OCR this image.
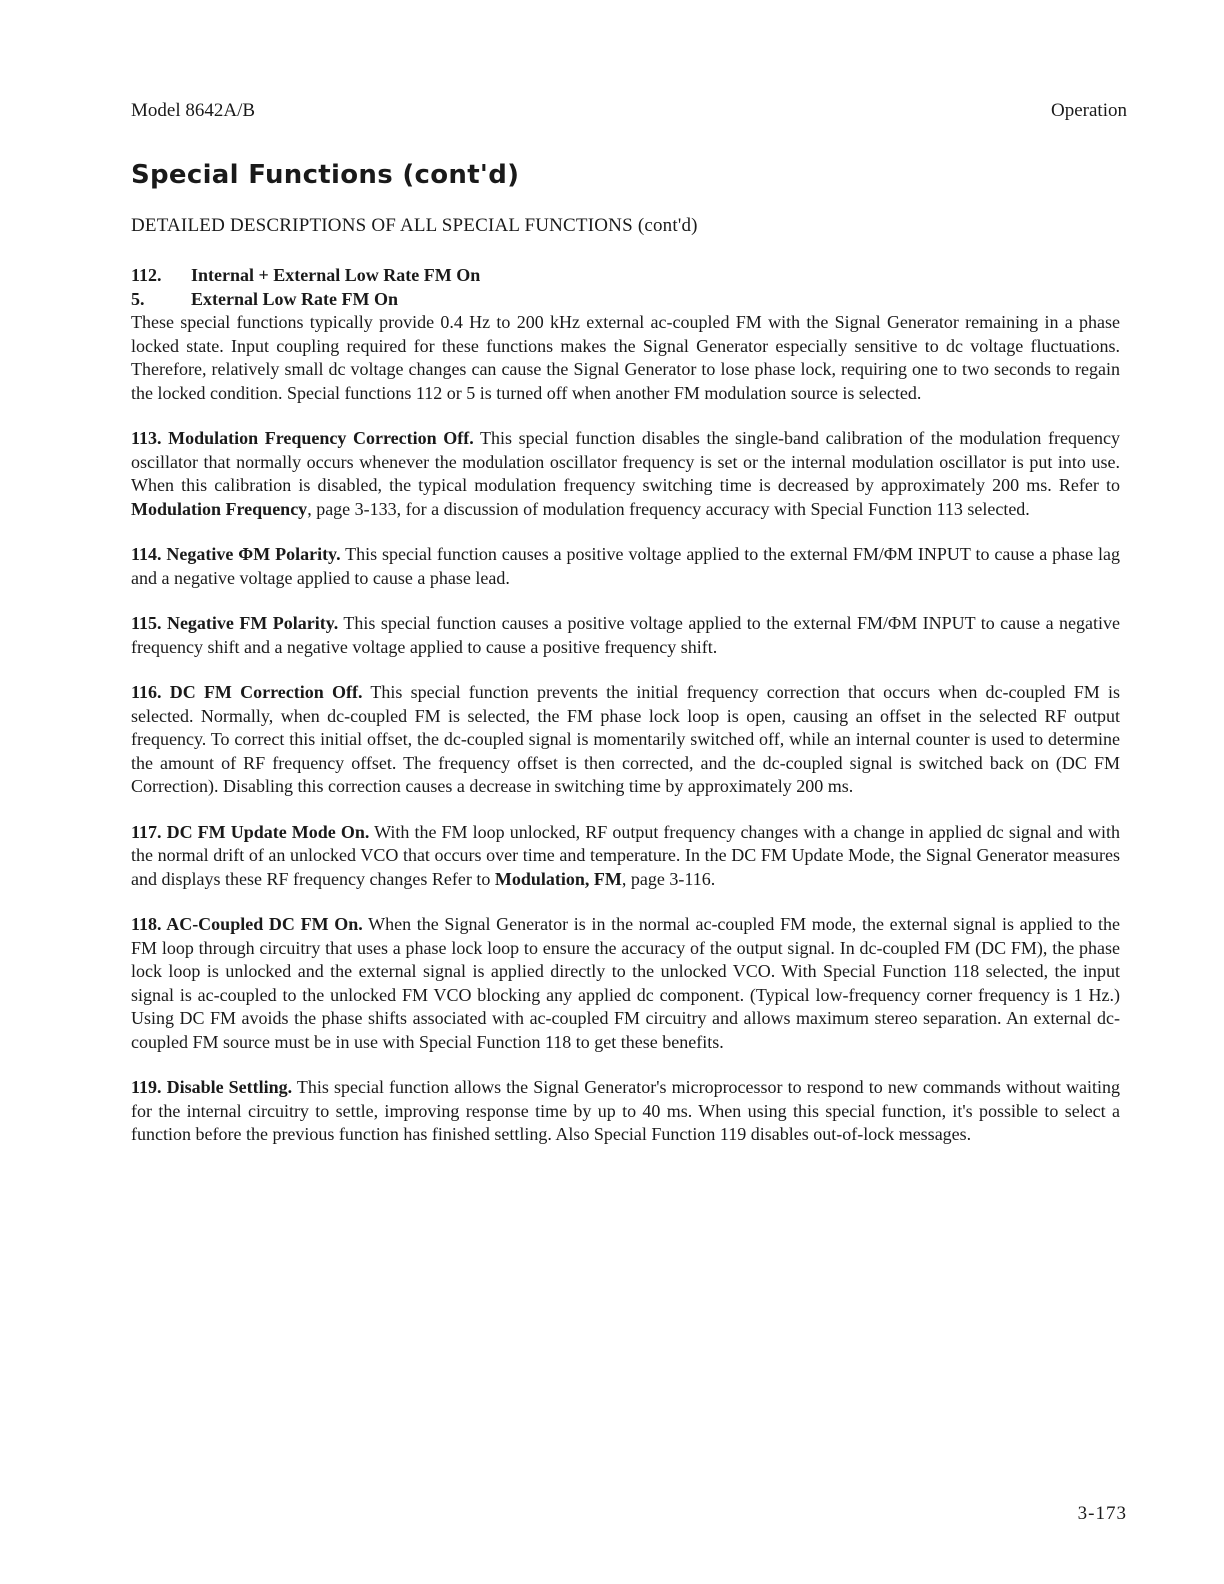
Model 8642A/B	Operation
Special Functions (cont'd)
DETAILED DESCRIPTIONS OF ALL SPECIAL FUNCTIONS (cont'd)
112.	Internal + External Low Rate FM On
5.	External Low Rate FM On
These special functions typically provide 0.4 Hz to 200 kHz external ac-coupled FM with the Signal Generator remaining in a phase locked state. Input coupling required for these functions makes the Signal Generator especially sensitive to dc voltage fluctuations. Therefore, relatively small dc voltage changes can cause the Signal Generator to lose phase lock, requiring one to two seconds to regain the locked condition. Special functions 112 or 5 is turned off when another FM modulation source is selected.

113. Modulation Frequency Correction Off. This special function disables the single-band calibration of the modulation frequency oscillator that normally occurs whenever the modulation oscillator frequency is set or the internal modulation oscillator is put into use. When this calibration is disabled, the typical modulation frequency switching time is decreased by approximately 200 ms. Refer to Modulation Frequency, page 3-133, for a discussion of modulation frequency accuracy with Special Function 113 selected.

114. Negative ΦM Polarity. This special function causes a positive voltage applied to the external FM/ΦM INPUT to cause a phase lag and a negative voltage applied to cause a phase lead.

115. Negative FM Polarity. This special function causes a positive voltage applied to the external FM/ΦM INPUT to cause a negative frequency shift and a negative voltage applied to cause a positive frequency shift.

116. DC FM Correction Off. This special function prevents the initial frequency correction that occurs when dc-coupled FM is selected. Normally, when dc-coupled FM is selected, the FM phase lock loop is open, causing an offset in the selected RF output frequency. To correct this initial offset, the dc-coupled signal is momentarily switched off, while an internal counter is used to determine the amount of RF frequency offset. The frequency offset is then corrected, and the dc-coupled signal is switched back on (DC FM Correction). Disabling this correction causes a decrease in switching time by approximately 200 ms.

117. DC FM Update Mode On. With the FM loop unlocked, RF output frequency changes with a change in applied dc signal and with the normal drift of an unlocked VCO that occurs over time and temperature. In the DC FM Update Mode, the Signal Generator measures and displays these RF frequency changes Refer to Modulation, FM, page 3-116.

118. AC-Coupled DC FM On. When the Signal Generator is in the normal ac-coupled FM mode, the external signal is applied to the FM loop through circuitry that uses a phase lock loop to ensure the accuracy of the output signal. In dc-coupled FM (DC FM), the phase lock loop is unlocked and the external signal is applied directly to the unlocked VCO. With Special Function 118 selected, the input signal is ac-coupled to the unlocked FM VCO blocking any applied dc component. (Typical low-frequency corner frequency is 1 Hz.) Using DC FM avoids the phase shifts associated with ac-coupled FM circuitry and allows maximum stereo separation. An external dc-coupled FM source must be in use with Special Function 118 to get these benefits.

119. Disable Settling. This special function allows the Signal Generator's microprocessor to respond to new commands without waiting for the internal circuitry to settle, improving response time by up to 40 ms. When using this special function, it's possible to select a function before the previous function has finished settling. Also Special Function 119 disables out-of-lock messages.

3-173
